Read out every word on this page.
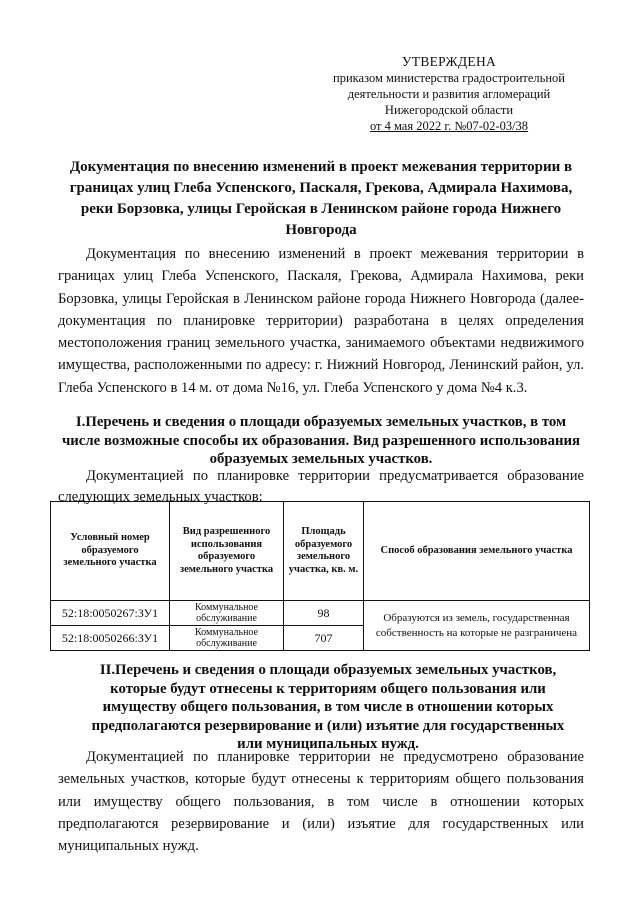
УТВЕРЖДЕНА
приказом министерства градостроительной
деятельности и развития агломераций
Нижегородской области
от 4 мая 2022 г. №07-02-03/38
Документация по внесению изменений в проект межевания территории в границах улиц Глеба Успенского, Паскаля, Грекова, Адмирала Нахимова, реки Борзовка, улицы Геройская в Ленинском районе города Нижнего Новгорода
Документация по внесению изменений в проект межевания территории в границах улиц Глеба Успенского, Паскаля, Грекова, Адмирала Нахимова, реки Борзовка, улицы Геройская в Ленинском районе города Нижнего Новгорода (далее-документация по планировке территории) разработана в целях определения местоположения границ земельного участка, занимаемого объектами недвижимого имущества, расположенными по адресу: г. Нижний Новгород, Ленинский район, ул. Глеба Успенского в 14 м. от дома №16, ул. Глеба Успенского у дома №4 к.3.
I.Перечень и сведения о площади образуемых земельных участков, в том числе возможные способы их образования. Вид разрешенного использования образуемых земельных участков.
Документацией по планировке территории предусматривается образование следующих земельных участков:
Условный номер образуемого земельного участка	Вид разрешенного использования образуемого земельного участка	Площадь образуемого земельного участка, кв. м.	Способ образования земельного участка
52:18:0050267:ЗУ1	Коммунальное обслуживание	98	Образуются из земель, государственная собственность на которые не разграничена
52:18:0050266:ЗУ1	Коммунальное обслуживание	707	
II.Перечень и сведения о площади образуемых земельных участков, которые будут отнесены к территориям общего пользования или имуществу общего пользования, в том числе в отношении которых предполагаются резервирование и (или) изъятие для государственных или муниципальных нужд.
Документацией по планировке территории не предусмотрено образование земельных участков, которые будут отнесены к территориям общего пользования или имуществу общего пользования, в том числе в отношении которых предполагаются резервирование и (или) изъятие для государственных или муниципальных нужд.
